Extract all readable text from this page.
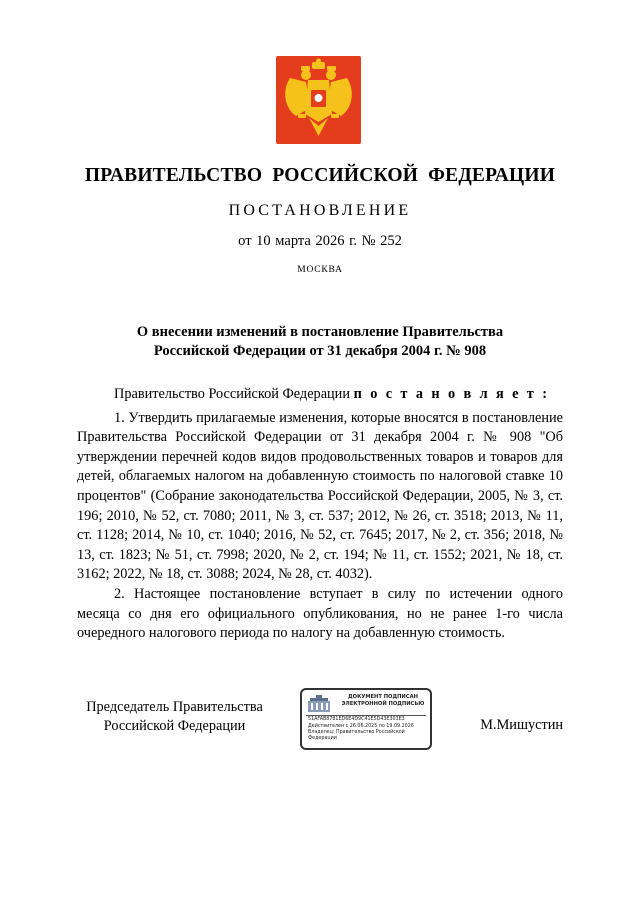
ПРАВИТЕЛЬСТВО РОССИЙСКОЙ ФЕДЕРАЦИИ
ПОСТАНОВЛЕНИЕ
от 10 марта 2026 г. № 252
МОСКВА
О внесении изменений в постановление Правительства
Российской Федерации от 31 декабря 2004 г. № 908

Правительство Российской Федерации п о с т а н о в л я е т :

1. Утвердить прилагаемые изменения, которые вносятся в постановление Правительства Российской Федерации от 31 декабря 2004 г. № 908 "Об утверждении перечней кодов видов продовольственных товаров и товаров для детей, облагаемых налогом на добавленную стоимость по налоговой ставке 10 процентов" (Собрание законодательства Российской Федерации, 2005, № 3, ст. 196; 2010, № 52, ст. 7080; 2011, № 3, ст. 537; 2012, № 26, ст. 3518; 2013, № 11, ст. 1128; 2014, № 10, ст. 1040; 2016, № 52, ст. 7645; 2017, № 2, ст. 356; 2018, № 13, ст. 1823; № 51, ст. 7998; 2020, № 2, ст. 194; № 11, ст. 1552; 2021, № 18, ст. 3162; 2022, № 18, ст. 3088; 2024, № 28, ст. 4032).

2. Настоящее постановление вступает в силу по истечении одного месяца со дня его официального опубликования, но не ранее 1-го числа очередного налогового периода по налогу на добавленную стоимость.

Председатель Правительства
Российской Федерации
ДОКУМЕНТ ПОДПИСАН
ЭЛЕКТРОННОЙ ПОДПИСЬЮ
51AFAB8781ED6E4D9C41E5D43E303E3
Действителен с 26.06.2025 по 19.09.2026
Владелец: Правительство Российской
Федерации
М.Мишустин
